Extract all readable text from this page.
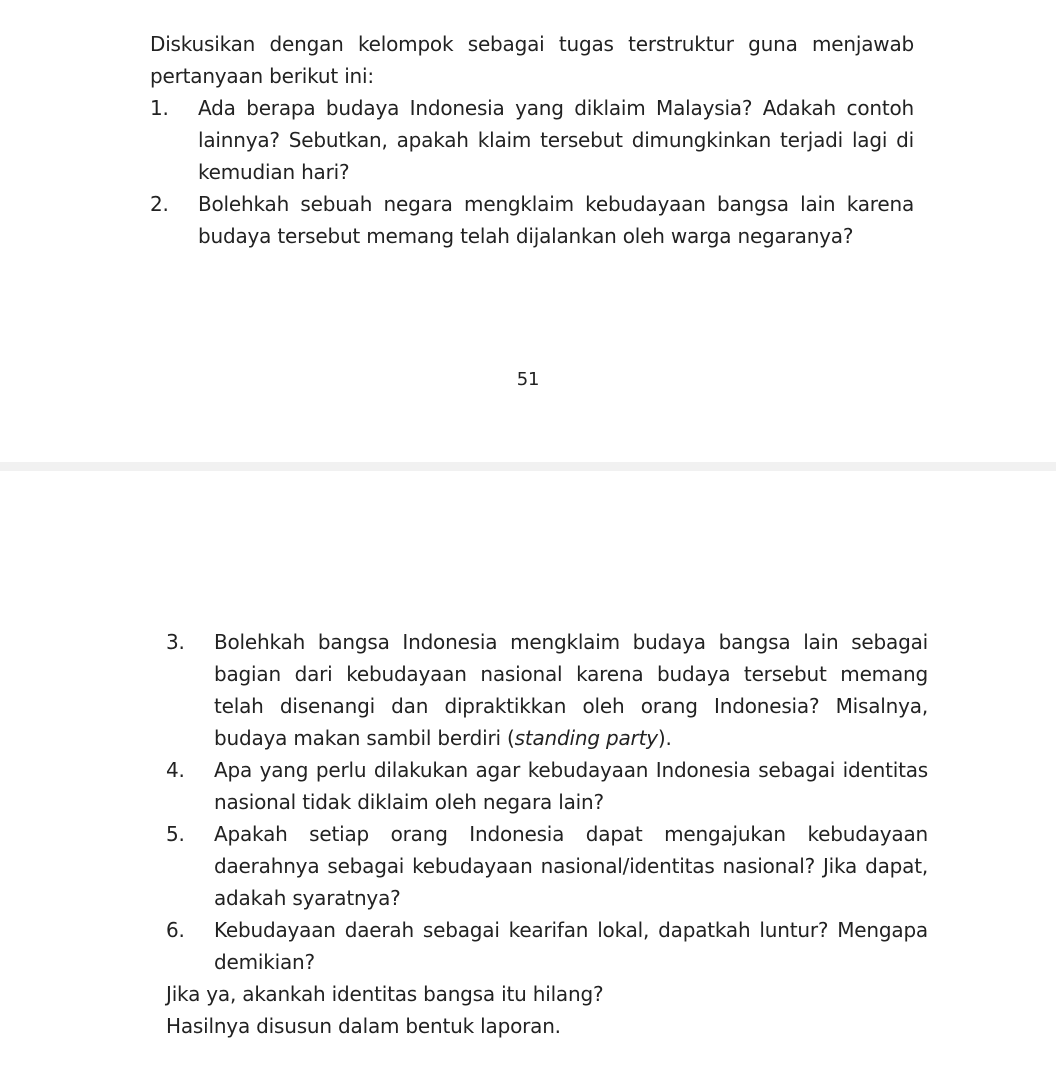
Diskusikan dengan kelompok sebagai tugas terstruktur guna menjawab pertanyaan berikut ini:

1. Ada berapa budaya Indonesia yang diklaim Malaysia? Adakah contoh lainnya? Sebutkan, apakah klaim tersebut dimungkinkan terjadi lagi di kemudian hari?
2. Bolehkah sebuah negara mengklaim kebudayaan bangsa lain karena budaya tersebut memang telah dijalankan oleh warga negaranya?
51
3. Bolehkah bangsa Indonesia mengklaim budaya bangsa lain sebagai bagian dari kebudayaan nasional karena budaya tersebut memang telah disenangi dan dipraktikkan oleh orang Indonesia? Misalnya, budaya makan sambil berdiri (standing party).
4. Apa yang perlu dilakukan agar kebudayaan Indonesia sebagai identitas nasional tidak diklaim oleh negara lain?
5. Apakah setiap orang Indonesia dapat mengajukan kebudayaan daerahnya sebagai kebudayaan nasional/identitas nasional? Jika dapat, adakah syaratnya?
6. Kebudayaan daerah sebagai kearifan lokal, dapatkah luntur? Mengapa demikian?

Jika ya, akankah identitas bangsa itu hilang?

Hasilnya disusun dalam bentuk laporan.
